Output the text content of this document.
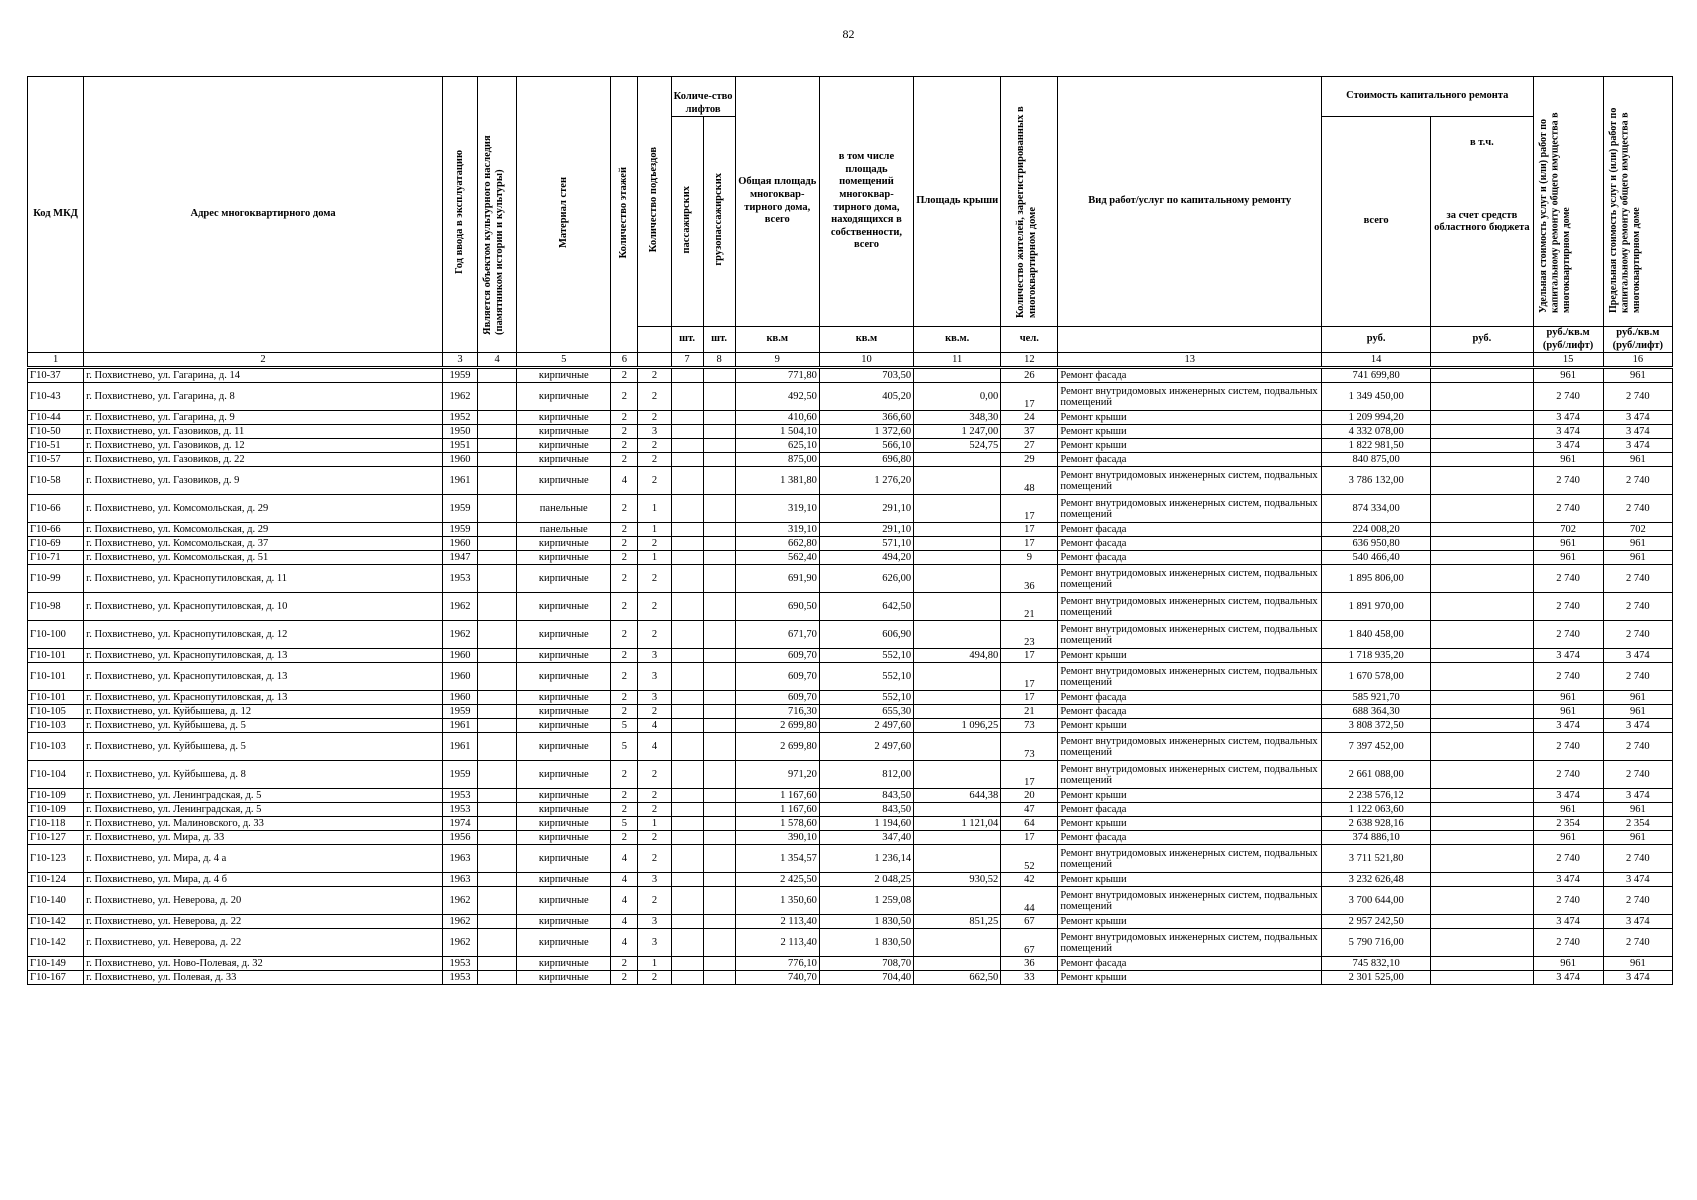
82
Код МКД	Адрес многоквартирного дома	Год ввода в эксплуатацию	Является объектом культурного наследия (памятником истории и культуры)	Материал стен	Количество этажей	Количество подъездов	Количе-ство лифтов		Общая площадь многоквар-тирного дома, всего	в том числе площадь помещений многоквар-тирного дома, находящихся в собственности, всего	Площадь крыши	Количество жителей, зарегистрированных в многоквартирном доме	Вид работ/услуг по капитальному ремонту	Стоимость капитального ремонта		Удельная стоимость услуг и (или) работ по капитальному ремонту общего имущества в многоквартирном доме	Предельная стоимость услуг и (или) работ по капитальному ремонту общего имущества в многоквартирном доме
							пассажирских	грузопассажирских						всего	в т.ч.
за счет средств областного бюджета		

							шт.	шт.	кв.м	кв.м	кв.м.	чел.		руб.	руб.	руб./кв.м (руб/лифт)	руб./кв.м (руб/лифт)
1	2	3	4	5	6		7	8	9	10	11	12	13	14		15	16
Г10-37	г. Похвистнево, ул. Гагарина, д. 14	1959		кирпичные	2	2			771,80	703,50		26	Ремонт фасада	741 699,80		961	961
Г10-43	г. Похвистнево, ул. Гагарина, д. 8	1962		кирпичные	2	2			492,50	405,20	0,00	17	Ремонт внутридомовых инженерных систем, подвальных помещений	1 349 450,00		2 740	2 740
Г10-44	г. Похвистнево, ул. Гагарина, д. 9	1952		кирпичные	2	2			410,60	366,60	348,30	24	Ремонт крыши	1 209 994,20		3 474	3 474
Г10-50	г. Похвистнево, ул. Газовиков, д. 11	1950		кирпичные	2	3			1 504,10	1 372,60	1 247,00	37	Ремонт крыши	4 332 078,00		3 474	3 474
Г10-51	г. Похвистнево, ул. Газовиков, д. 12	1951		кирпичные	2	2			625,10	566,10	524,75	27	Ремонт крыши	1 822 981,50		3 474	3 474
Г10-57	г. Похвистнево, ул. Газовиков, д. 22	1960		кирпичные	2	2			875,00	696,80		29	Ремонт фасада	840 875,00		961	961
Г10-58	г. Похвистнево, ул. Газовиков, д. 9	1961		кирпичные	4	2			1 381,80	1 276,20		48	Ремонт внутридомовых инженерных систем, подвальных помещений	3 786 132,00		2 740	2 740
Г10-66	г. Похвистнево, ул. Комсомольская, д. 29	1959		панельные	2	1			319,10	291,10		17	Ремонт внутридомовых инженерных систем, подвальных помещений	874 334,00		2 740	2 740
Г10-66	г. Похвистнево, ул. Комсомольская, д. 29	1959		панельные	2	1			319,10	291,10		17	Ремонт фасада	224 008,20		702	702
Г10-69	г. Похвистнево, ул. Комсомольская, д. 37	1960		кирпичные	2	2			662,80	571,10		17	Ремонт фасада	636 950,80		961	961
Г10-71	г. Похвистнево, ул. Комсомольская, д. 51	1947		кирпичные	2	1			562,40	494,20		9	Ремонт фасада	540 466,40		961	961
Г10-99	г. Похвистнево, ул. Краснопутиловская, д. 11	1953		кирпичные	2	2			691,90	626,00		36	Ремонт внутридомовых инженерных систем, подвальных помещений	1 895 806,00		2 740	2 740
Г10-98	г. Похвистнево, ул. Краснопутиловская, д. 10	1962		кирпичные	2	2			690,50	642,50		21	Ремонт внутридомовых инженерных систем, подвальных помещений	1 891 970,00		2 740	2 740
Г10-100	г. Похвистнево, ул. Краснопутиловская, д. 12	1962		кирпичные	2	2			671,70	606,90		23	Ремонт внутридомовых инженерных систем, подвальных помещений	1 840 458,00		2 740	2 740
Г10-101	г. Похвистнево, ул. Краснопутиловская, д. 13	1960		кирпичные	2	3			609,70	552,10	494,80	17	Ремонт крыши	1 718 935,20		3 474	3 474
Г10-101	г. Похвистнево, ул. Краснопутиловская, д. 13	1960		кирпичные	2	3			609,70	552,10		17	Ремонт внутридомовых инженерных систем, подвальных помещений	1 670 578,00		2 740	2 740
Г10-101	г. Похвистнево, ул. Краснопутиловская, д. 13	1960		кирпичные	2	3			609,70	552,10		17	Ремонт фасада	585 921,70		961	961
Г10-105	г. Похвистнево, ул. Куйбышева, д. 12	1959		кирпичные	2	2			716,30	655,30		21	Ремонт фасада	688 364,30		961	961
Г10-103	г. Похвистнево, ул. Куйбышева, д. 5	1961		кирпичные	5	4			2 699,80	2 497,60	1 096,25	73	Ремонт крыши	3 808 372,50		3 474	3 474
Г10-103	г. Похвистнево, ул. Куйбышева, д. 5	1961		кирпичные	5	4			2 699,80	2 497,60		73	Ремонт внутридомовых инженерных систем, подвальных помещений	7 397 452,00		2 740	2 740
Г10-104	г. Похвистнево, ул. Куйбышева, д. 8	1959		кирпичные	2	2			971,20	812,00		17	Ремонт внутридомовых инженерных систем, подвальных помещений	2 661 088,00		2 740	2 740
Г10-109	г. Похвистнево, ул. Ленинградская, д. 5	1953		кирпичные	2	2			1 167,60	843,50	644,38	20	Ремонт крыши	2 238 576,12		3 474	3 474
Г10-109	г. Похвистнево, ул. Ленинградская, д. 5	1953		кирпичные	2	2			1 167,60	843,50		47	Ремонт фасада	1 122 063,60		961	961
Г10-118	г. Похвистнево, ул. Малиновского, д. 33	1974		кирпичные	5	1			1 578,60	1 194,60	1 121,04	64	Ремонт крыши	2 638 928,16		2 354	2 354
Г10-127	г. Похвистнево, ул. Мира, д. 33	1956		кирпичные	2	2			390,10	347,40		17	Ремонт фасада	374 886,10		961	961
Г10-123	г. Похвистнево, ул. Мира, д. 4 а	1963		кирпичные	4	2			1 354,57	1 236,14		52	Ремонт внутридомовых инженерных систем, подвальных помещений	3 711 521,80		2 740	2 740
Г10-124	г. Похвистнево, ул. Мира, д. 4 б	1963		кирпичные	4	3			2 425,50	2 048,25	930,52	42	Ремонт крыши	3 232 626,48		3 474	3 474
Г10-140	г. Похвистнево, ул. Неверова, д. 20	1962		кирпичные	4	2			1 350,60	1 259,08		44	Ремонт внутридомовых инженерных систем, подвальных помещений	3 700 644,00		2 740	2 740
Г10-142	г. Похвистнево, ул. Неверова, д. 22	1962		кирпичные	4	3			2 113,40	1 830,50	851,25	67	Ремонт крыши	2 957 242,50		3 474	3 474
Г10-142	г. Похвистнево, ул. Неверова, д. 22	1962		кирпичные	4	3			2 113,40	1 830,50		67	Ремонт внутридомовых инженерных систем, подвальных помещений	5 790 716,00		2 740	2 740
Г10-149	г. Похвистнево, ул. Ново-Полевая, д. 32	1953		кирпичные	2	1			776,10	708,70		36	Ремонт фасада	745 832,10		961	961
Г10-167	г. Похвистнево, ул. Полевая, д. 33	1953		кирпичные	2	2			740,70	704,40	662,50	33	Ремонт крыши	2 301 525,00		3 474	3 474
